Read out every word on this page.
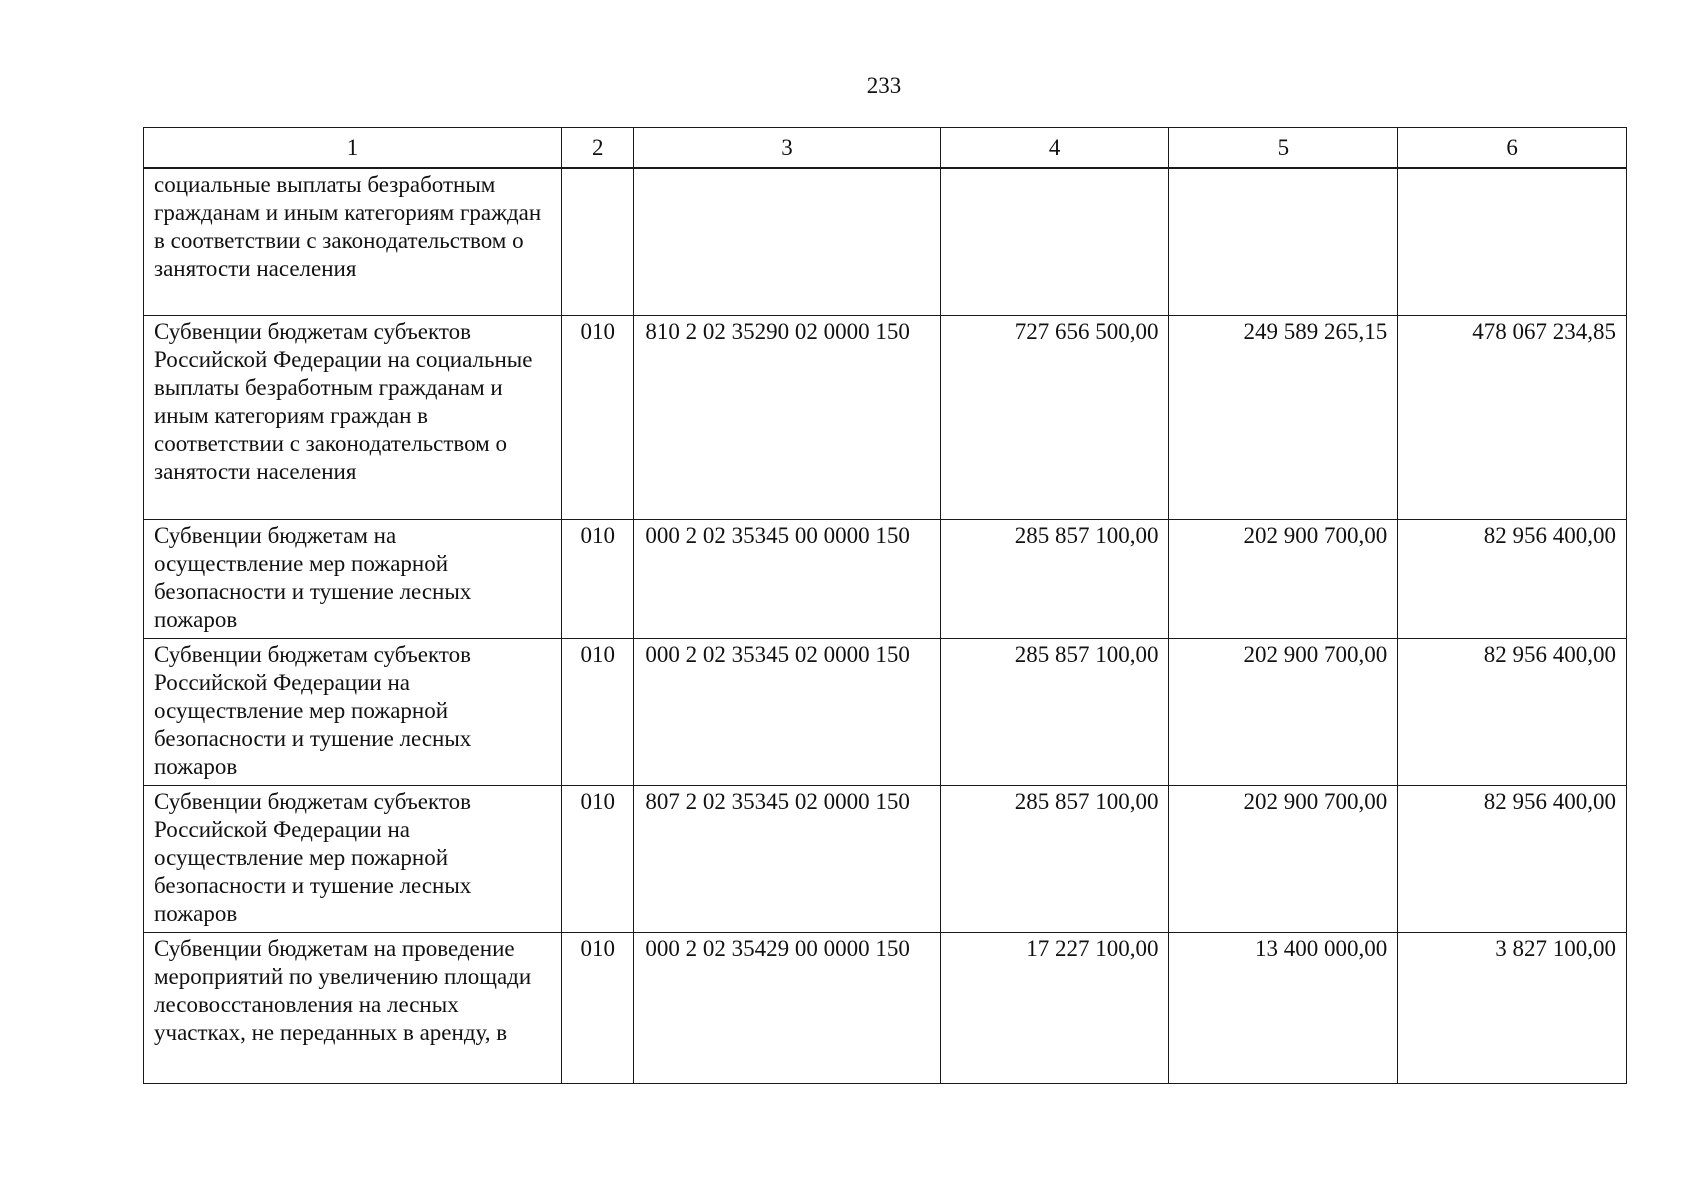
233
1	2	3	4	5	6
социальные выплаты безработным гражданам и иным категориям граждан в соответствии с законодательством о занятости населения					
Субвенции бюджетам субъектов Российской Федерации на социальные выплаты безработным гражданам и иным категориям граждан в соответствии с законодательством о занятости населения	010	810 2 02 35290 02 0000 150	727 656 500,00	249 589 265,15	478 067 234,85
Субвенции бюджетам на осуществление мер пожарной безопасности и тушение лесных пожаров	010	000 2 02 35345 00 0000 150	285 857 100,00	202 900 700,00	82 956 400,00
Субвенции бюджетам субъектов Российской Федерации на осуществление мер пожарной безопасности и тушение лесных пожаров	010	000 2 02 35345 02 0000 150	285 857 100,00	202 900 700,00	82 956 400,00
Субвенции бюджетам субъектов Российской Федерации на осуществление мер пожарной безопасности и тушение лесных пожаров	010	807 2 02 35345 02 0000 150	285 857 100,00	202 900 700,00	82 956 400,00
Субвенции бюджетам на проведение мероприятий по увеличению площади лесовосстановления на лесных участках, не переданных в аренду, в	010	000 2 02 35429 00 0000 150	17 227 100,00	13 400 000,00	3 827 100,00
